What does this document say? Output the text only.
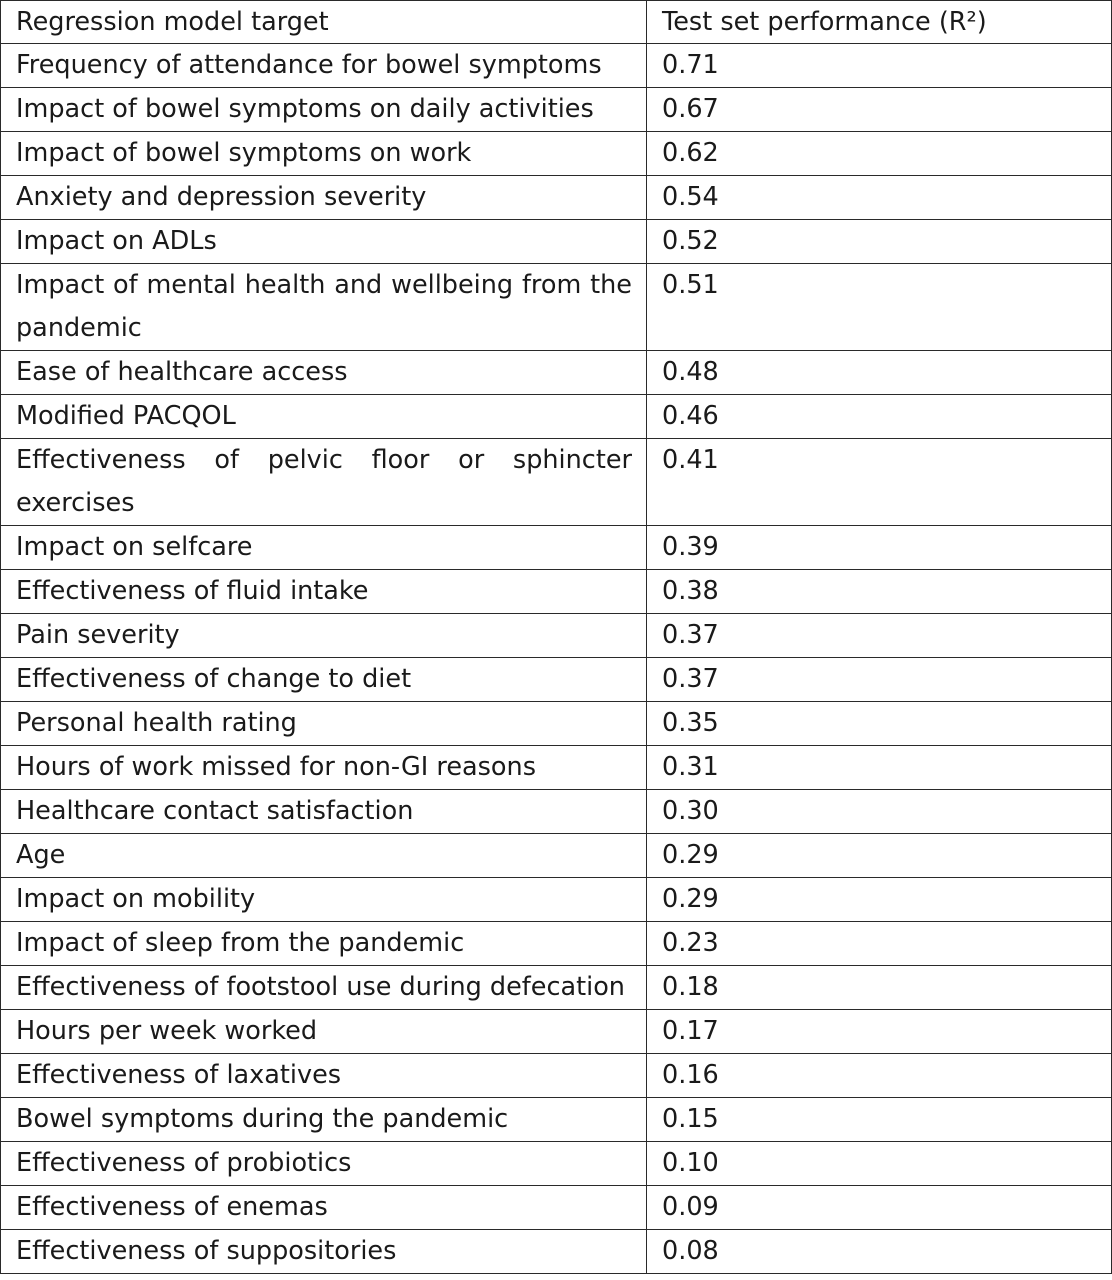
Regression model target	Test set performance (R²)
Frequency of attendance for bowel symptoms	0.71
Impact of bowel symptoms on daily activities	0.67
Impact of bowel symptoms on work	0.62
Anxiety and depression severity	0.54
Impact on ADLs	0.52
Impact of mental health and wellbeing from the pandemic	0.51
Ease of healthcare access	0.48
Modified PACQOL	0.46
Effectiveness of pelvic floor or sphincter exercises	0.41
Impact on selfcare	0.39
Effectiveness of fluid intake	0.38
Pain severity	0.37
Effectiveness of change to diet	0.37
Personal health rating	0.35
Hours of work missed for non-GI reasons	0.31
Healthcare contact satisfaction	0.30
Age	0.29
Impact on mobility	0.29
Impact of sleep from the pandemic	0.23
Effectiveness of footstool use during defecation	0.18
Hours per week worked	0.17
Effectiveness of laxatives	0.16
Bowel symptoms during the pandemic	0.15
Effectiveness of probiotics	0.10
Effectiveness of enemas	0.09
Effectiveness of suppositories	0.08
